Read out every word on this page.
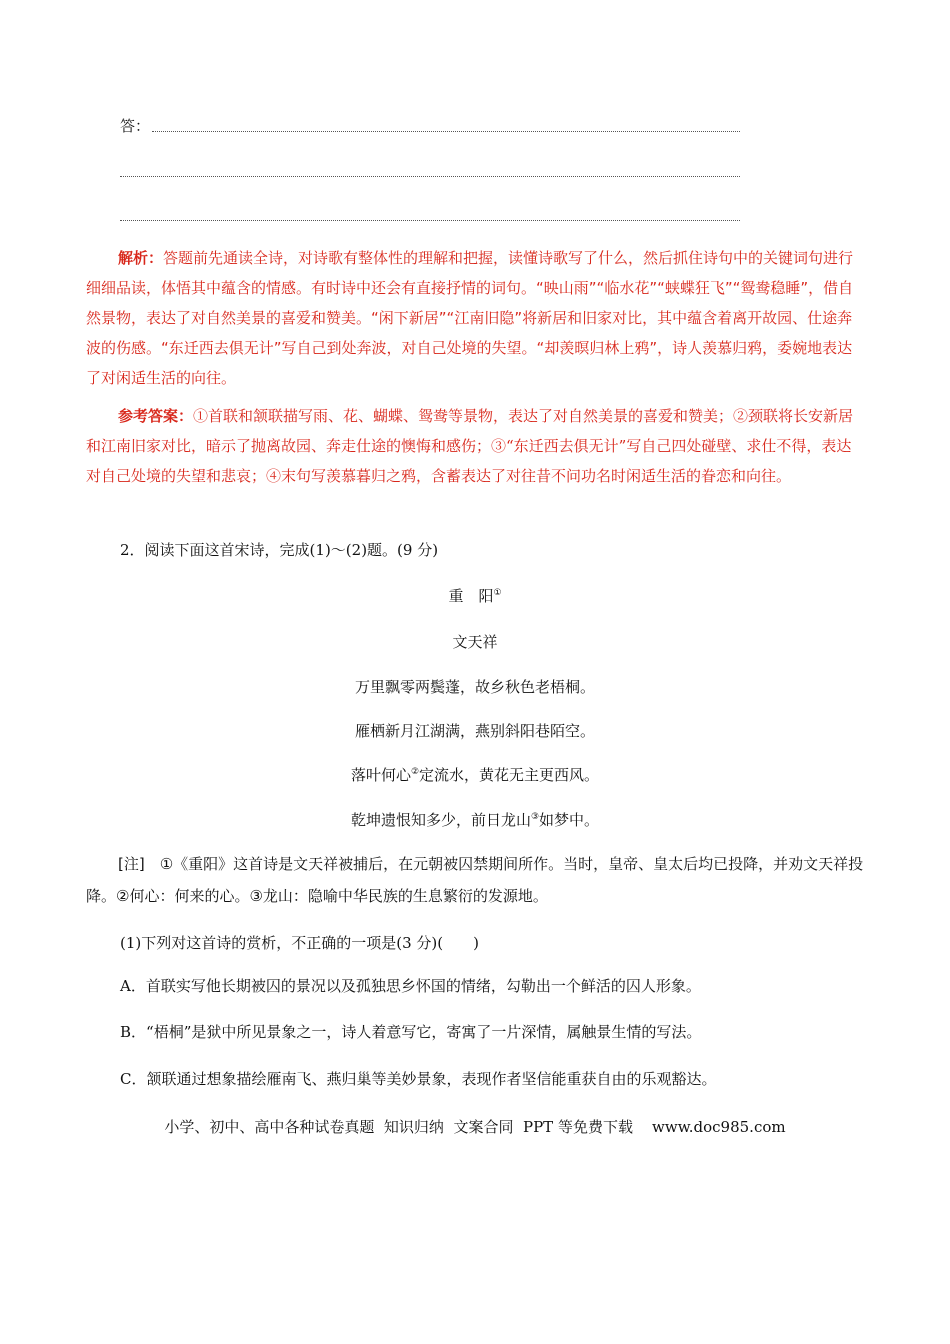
答：

解析：答题前先通读全诗，对诗歌有整体性的理解和把握，读懂诗歌写了什么，然后抓住诗句中的关键词句进行细细品读，体悟其中蕴含的情感。有时诗中还会有直接抒情的词句。“映山雨”“临水花”“蛱蝶狂飞”“鸳鸯稳睡”，借自然景物，表达了对自然美景的喜爱和赞美。“闲下新居”“江南旧隐”将新居和旧家对比，其中蕴含着离开故园、仕途奔波的伤感。“东迁西去俱无计”写自己到处奔波，对自己处境的失望。“却羡暝归林上鸦”，诗人羡慕归鸦，委婉地表达了对闲适生活的向往。

参考答案：①首联和颔联描写雨、花、蝴蝶、鸳鸯等景物，表达了对自然美景的喜爱和赞美；②颈联将长安新居和江南旧家对比，暗示了抛离故园、奔走仕途的懊悔和感伤；③“东迁西去俱无计”写自己四处碰壁、求仕不得，表达对自己处境的失望和悲哀；④末句写羡慕暮归之鸦，含蓄表达了对往昔不问功名时闲适生活的眷恋和向往。

2．阅读下面这首宋诗，完成(1)～(2)题。(9 分)
重　阳①
文天祥
万里飘零两鬓蓬，故乡秋色老梧桐。
雁栖新月江湖满，燕别斜阳巷陌空。
落叶何心②定流水，黄花无主更西风。
乾坤遗恨知多少，前日龙山③如梦中。

[注]　①《重阳》这首诗是文天祥被捕后，在元朝被囚禁期间所作。当时，皇帝、皇太后均已投降，并劝文天祥投降。②何心：何来的心。③龙山：隐喻中华民族的生息繁衍的发源地。

(1)下列对这首诗的赏析，不正确的一项是(3 分)(　　)
A．首联实写他长期被囚的景况以及孤独思乡怀国的情绪，勾勒出一个鲜活的囚人形象。
B．“梧桐”是狱中所见景象之一，诗人着意写它，寄寓了一片深情，属触景生情的写法。
C．颔联通过想象描绘雁南飞、燕归巢等美妙景象，表现作者坚信能重获自由的乐观豁达。
小学、初中、高中各种试卷真题  知识归纳  文案合同  PPT 等免费下载    www.doc985.com
